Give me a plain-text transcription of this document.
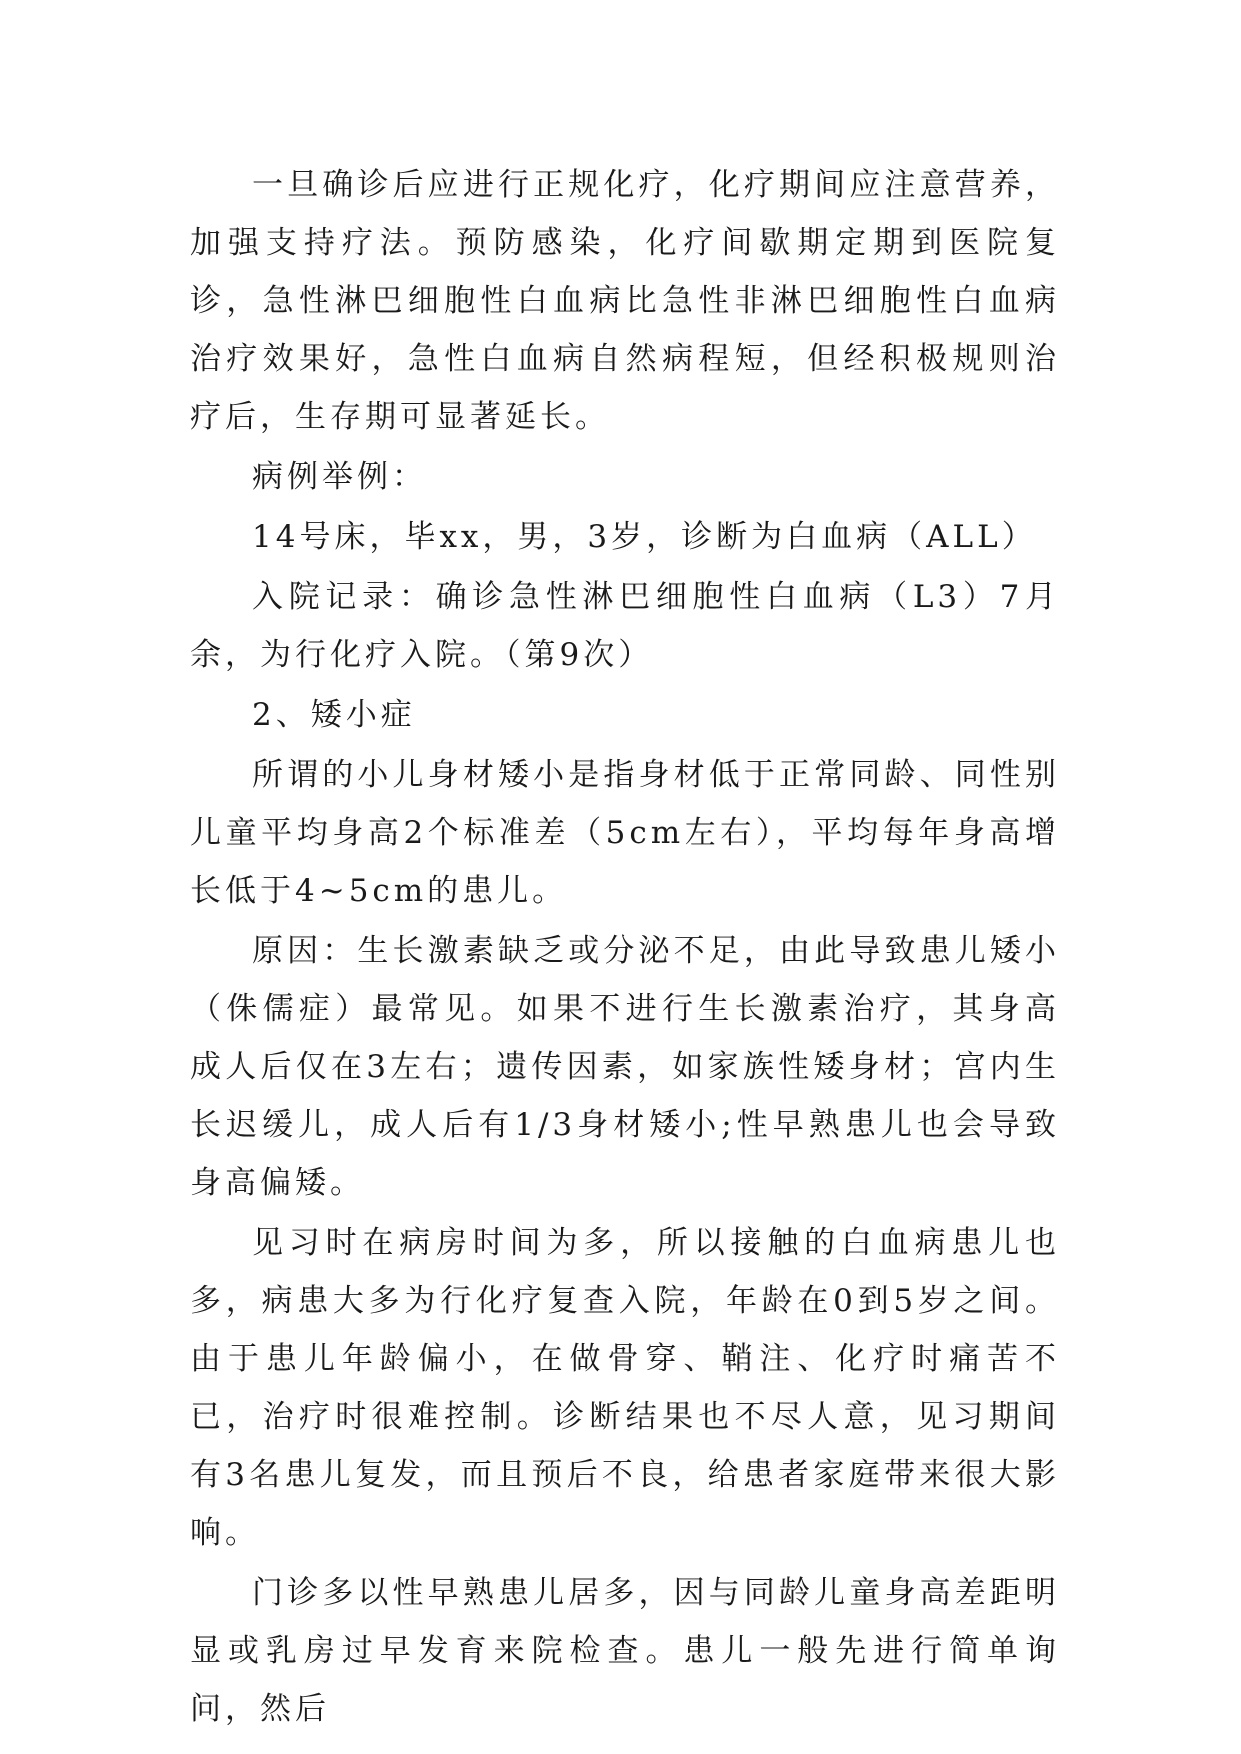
一旦确诊后应进行正规化疗，化疗期间应注意营养，加强支持疗法。预防感染，化疗间歇期定期到医院复诊，急性淋巴细胞性白血病比急性非淋巴细胞性白血病治疗效果好，急性白血病自然病程短，但经积极规则治疗后，生存期可显著延长。

病例举例：

14号床，毕xx，男，3岁，诊断为白血病（ALL）

入院记录：确诊急性淋巴细胞性白血病（L3）7月余，为行化疗入院。（第9次）

2、矮小症

所谓的小儿身材矮小是指身材低于正常同龄、同性别儿童平均身高2个标准差（5cm左右），平均每年身高增长低于4~5cm的患儿。

原因：生长激素缺乏或分泌不足，由此导致患儿矮小（侏儒症）最常见。如果不进行生长激素治疗，其身高成人后仅在3左右；遗传因素，如家族性矮身材；宫内生长迟缓儿，成人后有1/3身材矮小;性早熟患儿也会导致身高偏矮。

见习时在病房时间为多，所以接触的白血病患儿也多，病患大多为行化疗复查入院，年龄在0到5岁之间。由于患儿年龄偏小，在做骨穿、鞘注、化疗时痛苦不已，治疗时很难控制。诊断结果也不尽人意，见习期间有3名患儿复发，而且预后不良，给患者家庭带来很大影响。

门诊多以性早熟患儿居多，因与同龄儿童身高差距明显或乳房过早发育来院检查。患儿一般先进行简单询问，然后
